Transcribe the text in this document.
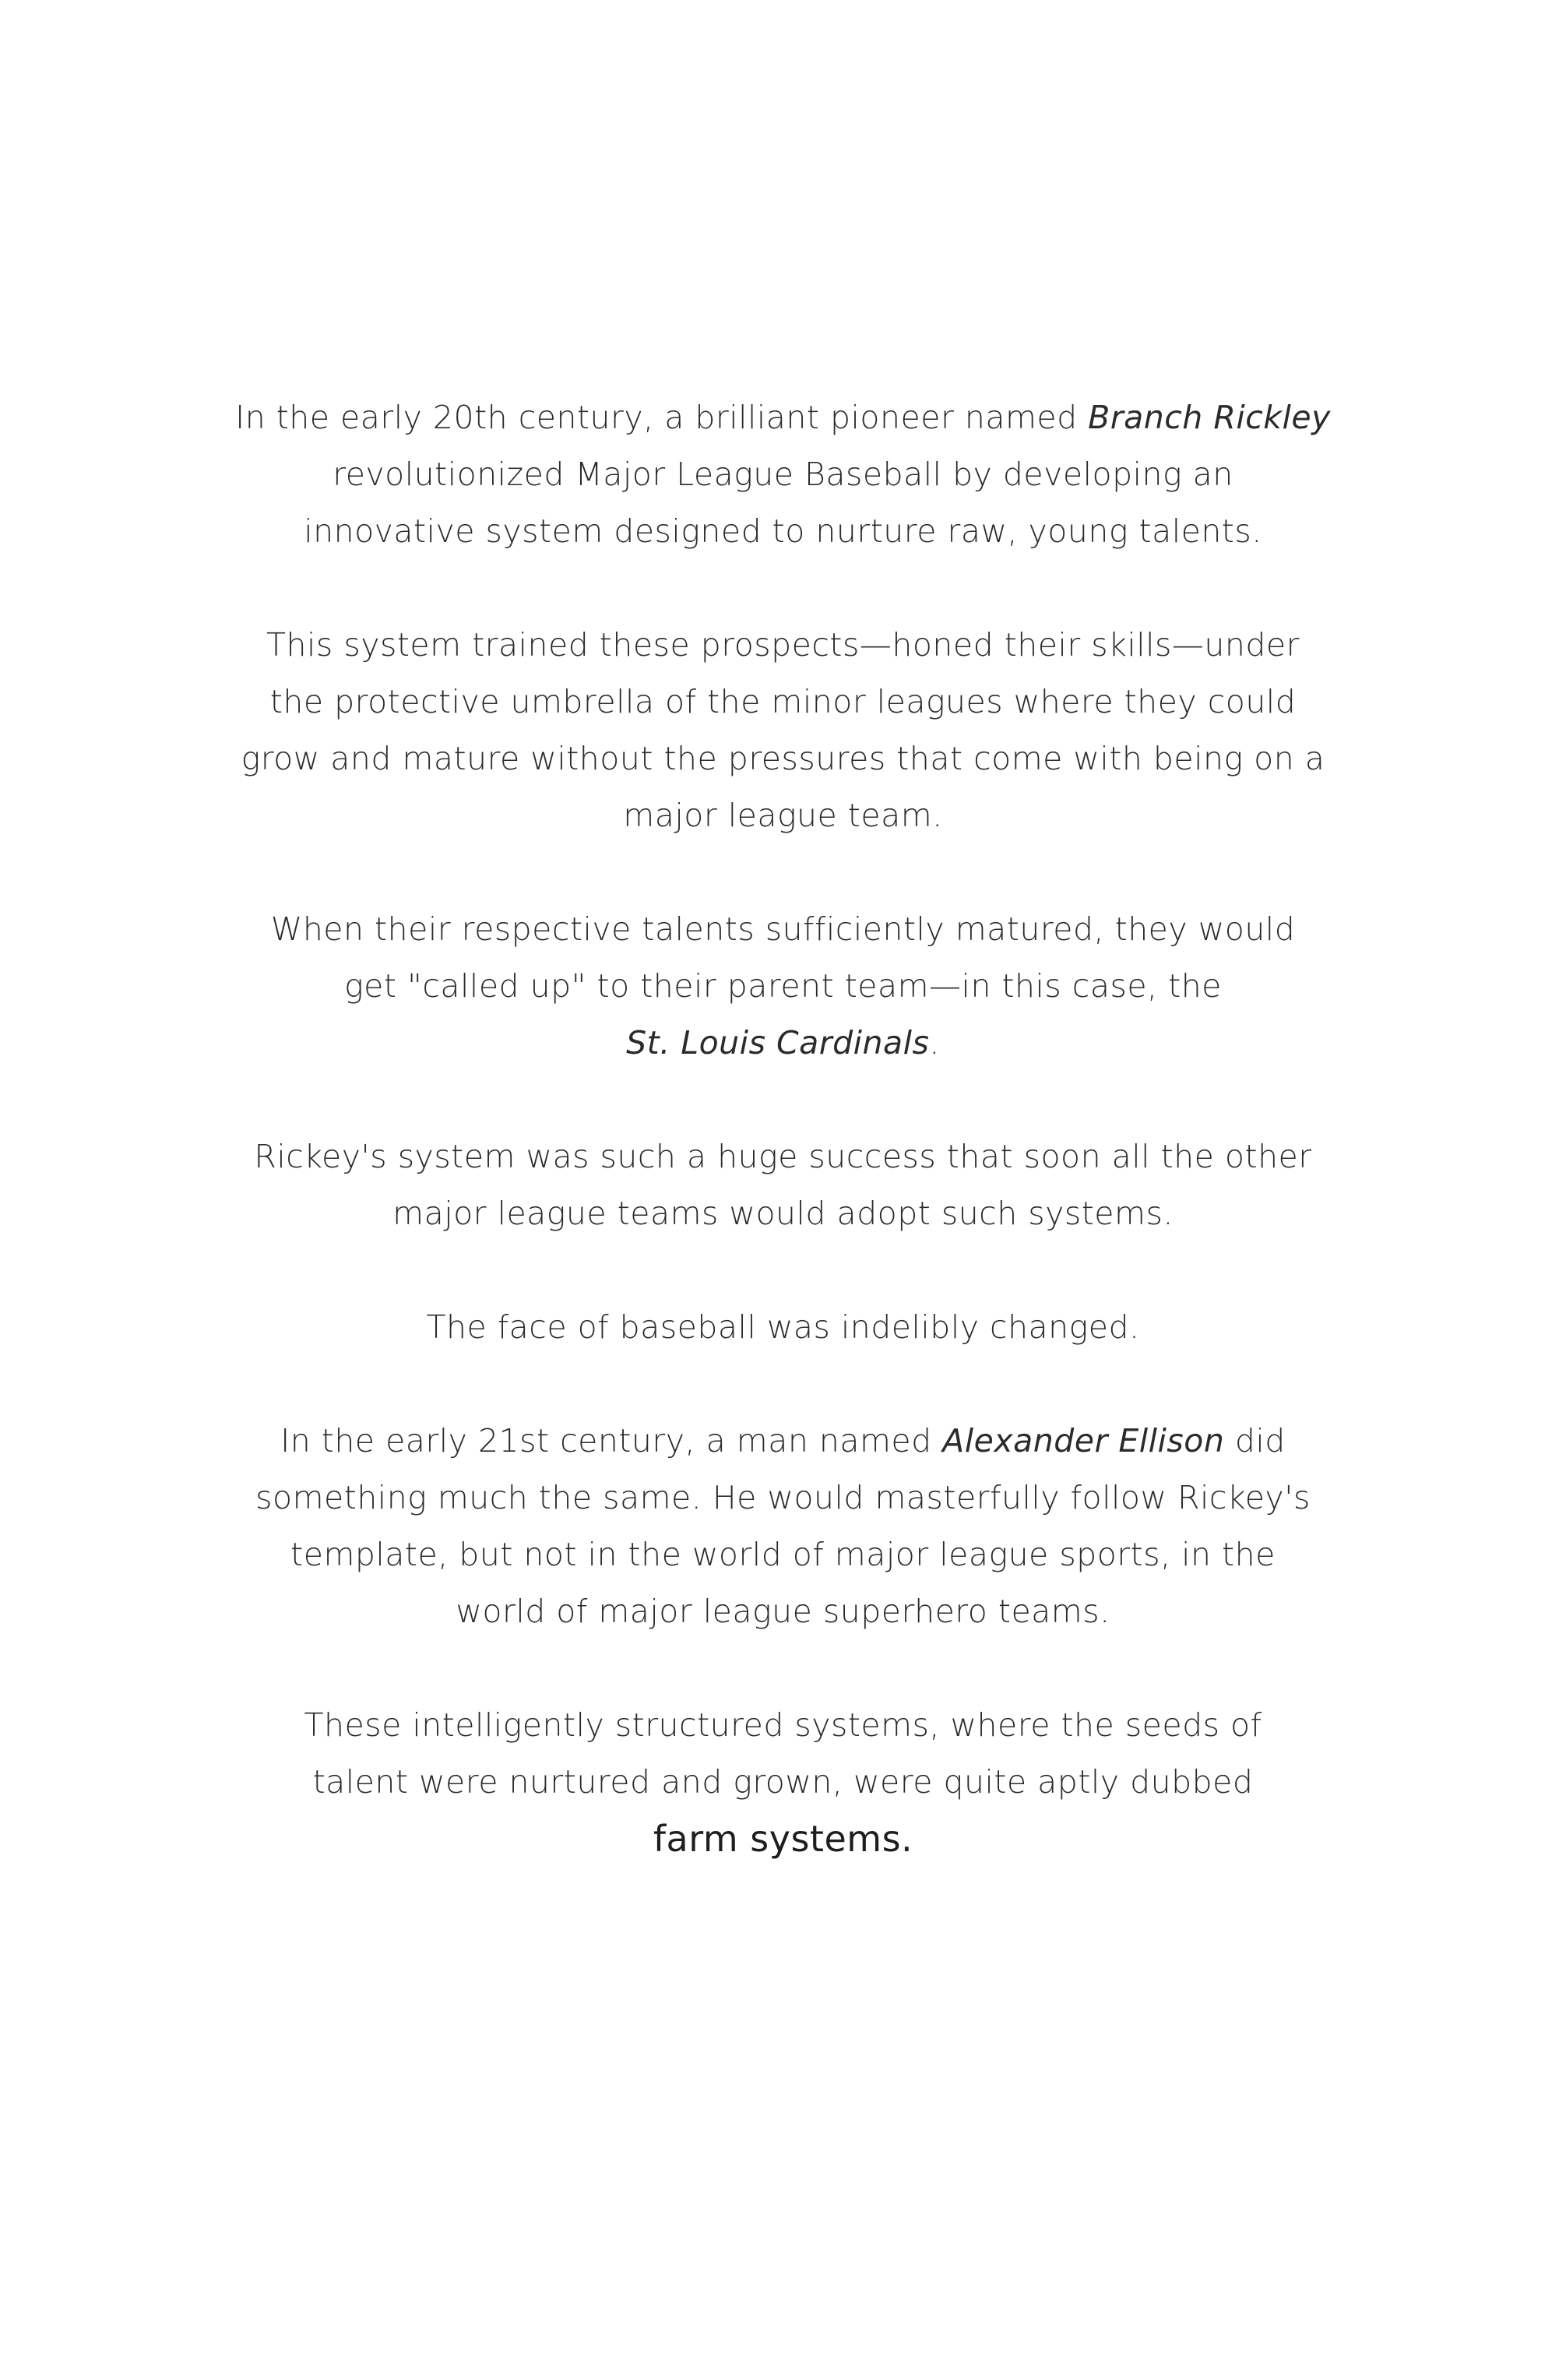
In the early 20th century, a brilliant pioneer named Branch Rickley
revolutionized Major League Baseball by developing an
innovative system designed to nurture raw, young talents.
This system trained these prospects—honed their skills—under
the protective umbrella of the minor leagues where they could
grow and mature without the pressures that come with being on a
major league team.
When their respective talents sufficiently matured, they would
get "called up" to their parent team—in this case, the
St. Louis Cardinals.
Rickey's system was such a huge success that soon all the other
major league teams would adopt such systems.
The face of baseball was indelibly changed.
In the early 21st century, a man named Alexander Ellison did
something much the same. He would masterfully follow Rickey's
template, but not in the world of major league sports, in the
world of major league superhero teams.
These intelligently structured systems, where the seeds of
talent were nurtured and grown, were quite aptly dubbed
farm systems.
